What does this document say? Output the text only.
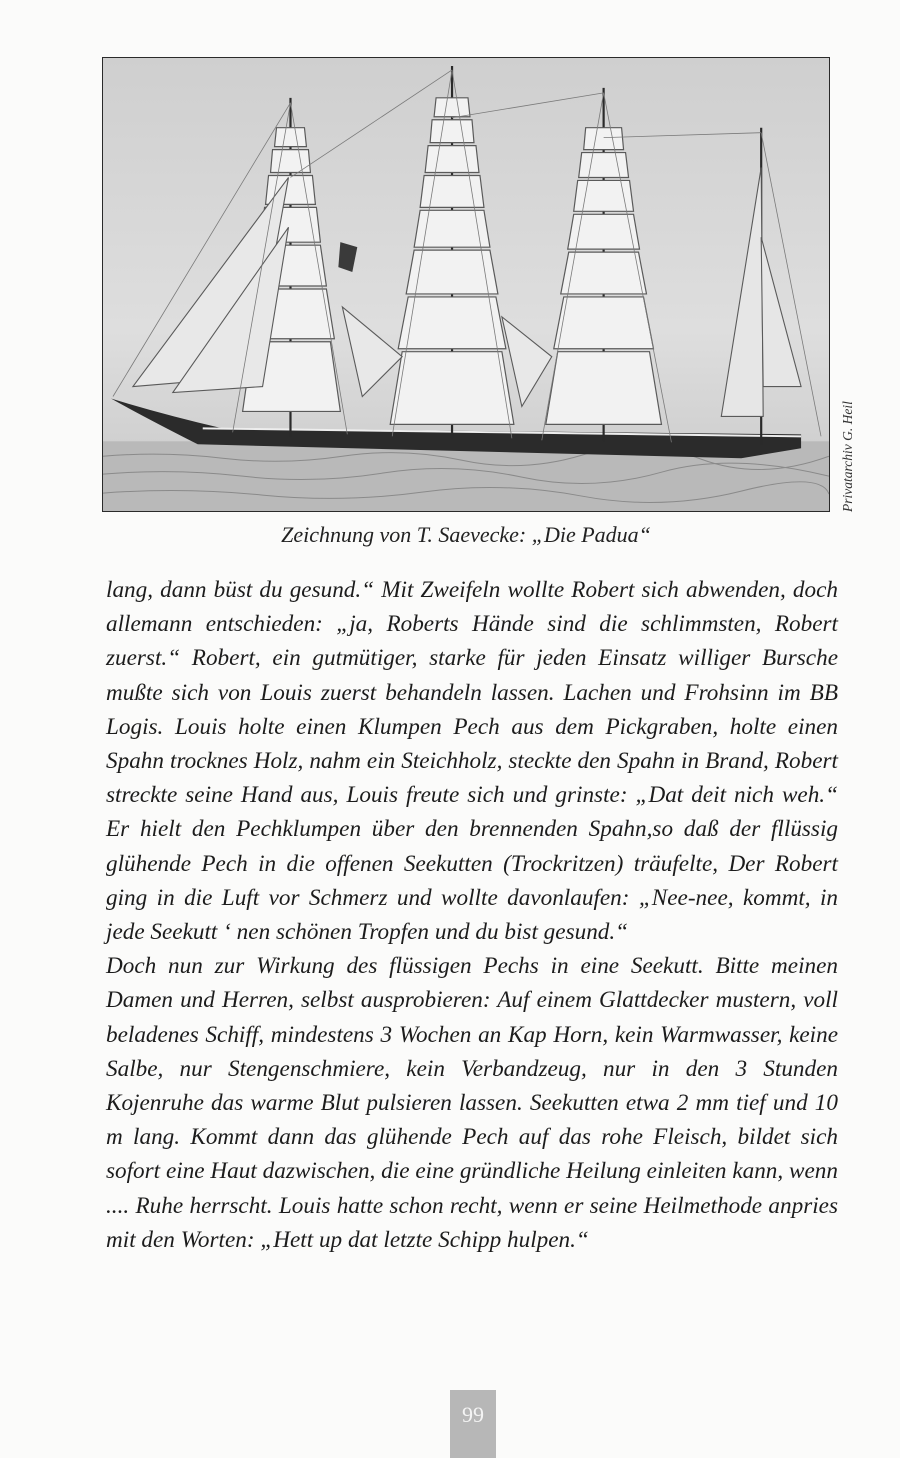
Privatarchiv G. Heil
Zeichnung von T. Saevecke: „Die Padua“

lang, dann büst du gesund.“ Mit Zweifeln wollte Robert sich abwenden, doch allemann entschieden: „ja, Roberts Hände sind die schlimmsten, Robert zuerst.“ Robert, ein gutmütiger, starke für jeden Einsatz williger Bursche mußte sich von Louis zuerst behandeln lassen. Lachen und Frohsinn im BB Logis. Louis holte einen Klumpen Pech aus dem Pickgraben, holte einen Spahn trocknes Holz, nahm ein Steichholz, steckte den Spahn in Brand, Robert streckte seine Hand aus, Louis freute sich und grinste: „Dat deit nich weh.“ Er hielt den Pechklumpen über den brennenden Spahn,so daß der fllüssig glühende Pech in die offenen Seekutten (Trockritzen) träufelte, Der Robert ging in die Luft vor Schmerz und wollte davonlaufen: „Nee-nee, kommt, in jede Seekutt ‘ nen schönen Tropfen und du bist gesund.“

Doch nun zur Wirkung des flüssigen Pechs in eine Seekutt. Bitte meinen Damen und Herren, selbst ausprobieren: Auf einem Glattdecker mustern, voll beladenes Schiff, mindestens 3 Wochen an Kap Horn, kein Warmwasser, keine Salbe, nur Stengenschmiere, kein Verbandzeug, nur in den 3 Stunden Kojenruhe das warme Blut pulsieren lassen. Seekutten etwa 2 mm tief und 10 m lang. Kommt dann das glühende Pech auf das rohe Fleisch, bildet sich sofort eine Haut dazwischen, die eine gründliche Heilung einleiten kann, wenn .... Ruhe herrscht. Louis hatte schon recht, wenn er seine Heilmethode anpries mit den Worten: „Hett up dat letzte Schipp hulpen.“

99
